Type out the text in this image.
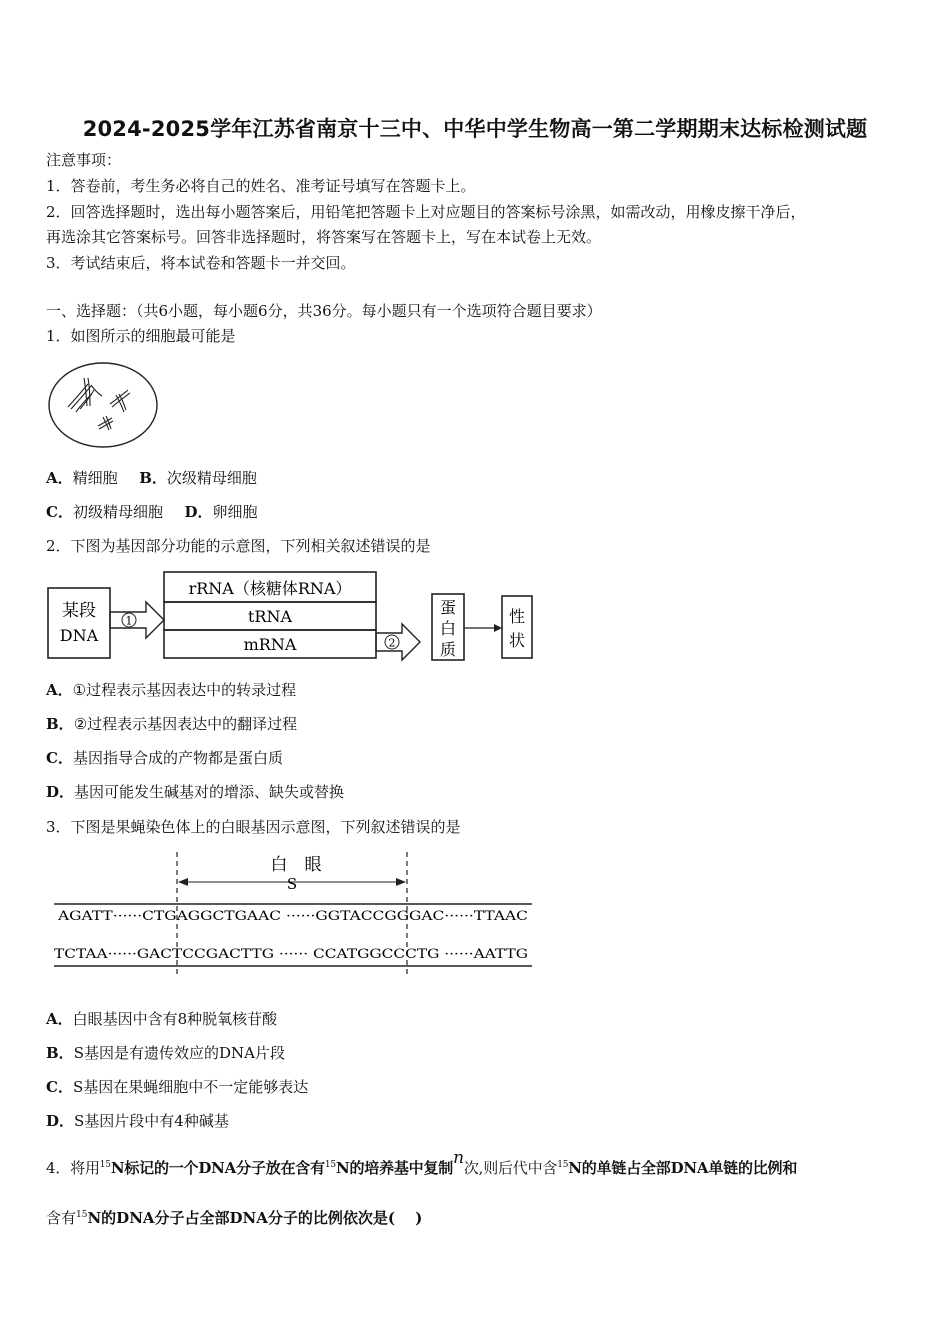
2024-2025学年江苏省南京十三中、中华中学生物高一第二学期期末达标检测试题
注意事项：
1．答卷前，考生务必将自己的姓名、准考证号填写在答题卡上。
2．回答选择题时，选出每小题答案后，用铅笔把答题卡上对应题目的答案标号涂黑，如需改动，用橡皮擦干净后，
再选涂其它答案标号。回答非选择题时，将答案写在答题卡上，写在本试卷上无效。
3．考试结束后，将本试卷和答题卡一并交回。
一、选择题：（共6小题，每小题6分，共36分。每小题只有一个选项符合题目要求）
1．如图所示的细胞最可能是
A．精细胞 B．次级精母细胞
C．初级精母细胞 D．卵细胞
2．下图为基因部分功能的示意图，下列相关叙述错误的是
某段
DNA
1
rRNA（核糖体RNA）
tRNA
mRNA	2
蛋
白
质
性
状
A．①过程表示基因表达中的转录过程
B．②过程表示基因表达中的翻译过程
C．基因指导合成的产物都是蛋白质
D．基因可能发生碱基对的增添、缺失或替换
3．下图是果蝇染色体上的白眼基因示意图，下列叙述错误的是
白　眼
S
AGATT······CTGAGGCTGAAC ······GGTACCGGGAC······TTAAC
TCTAA······GACTCCGACTTG ······ CCATGGCCCTG ······AATTG
A．白眼基因中含有8种脱氧核苷酸
B．S基因是有遗传效应的DNA片段
C．S基因在果蝇细胞中不一定能够表达
D．S基因片段中有4种碱基
4．将用$^{15}$N标记的一个DNA分子放在含有$^{15}$N的培养基中复制n次,则后代中含$^{15}$N的单链占全部DNA单链的比例和
含有$^{15}$N的DNA分子占全部DNA分子的比例依次是(　 )
